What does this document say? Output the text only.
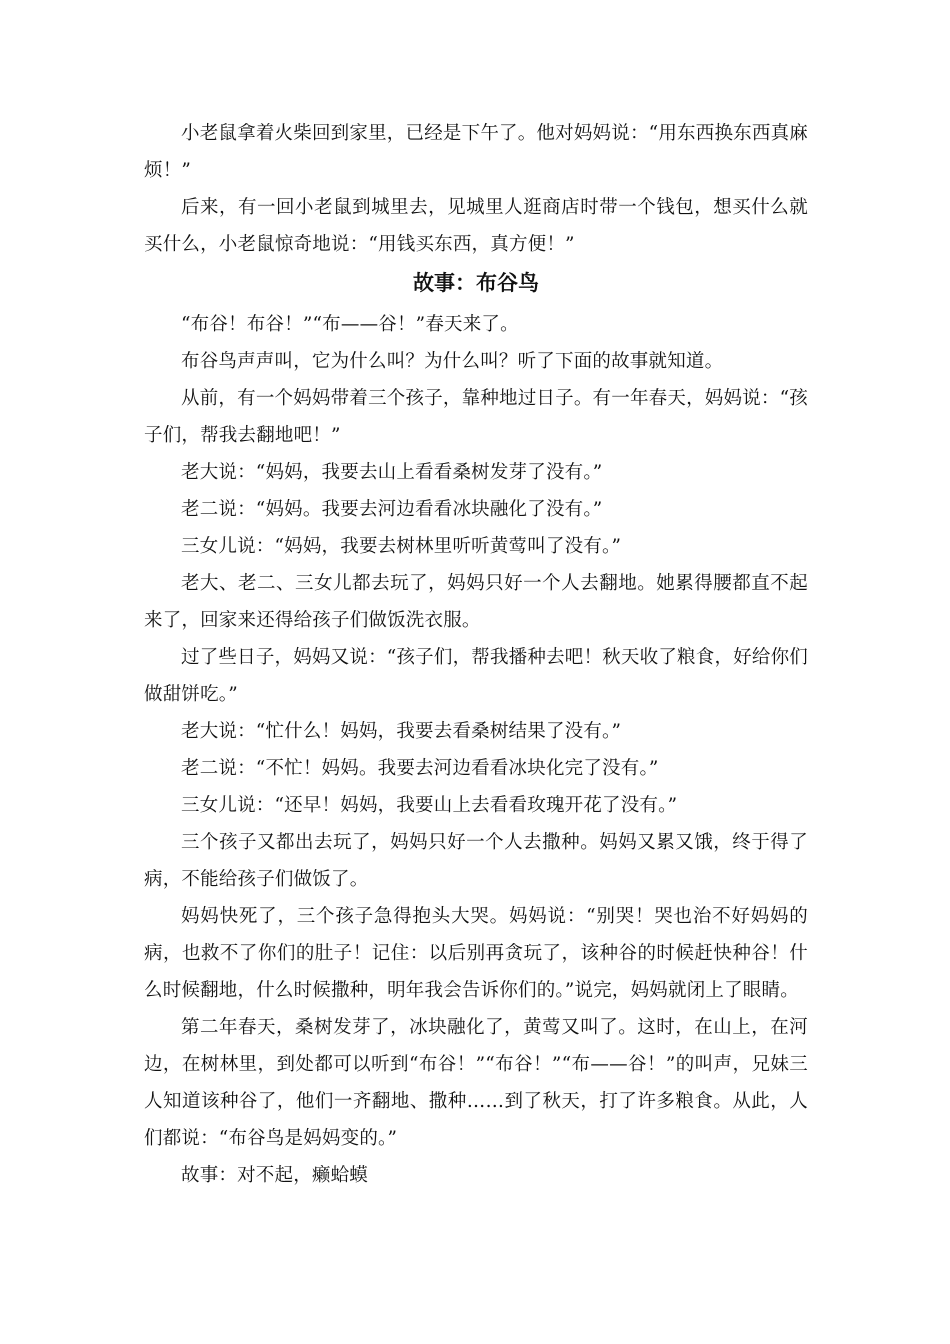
小老鼠拿着火柴回到家里，已经是下午了。他对妈妈说：“用东西换东西真麻烦！”

后来，有一回小老鼠到城里去，见城里人逛商店时带一个钱包，想买什么就买什么，小老鼠惊奇地说：“用钱买东西，真方便！”

故事：布谷鸟

“布谷！布谷！”“布——谷！”春天来了。

布谷鸟声声叫，它为什么叫？为什么叫？听了下面的故事就知道。

从前，有一个妈妈带着三个孩子，靠种地过日子。有一年春天，妈妈说：“孩子们，帮我去翻地吧！”

老大说：“妈妈，我要去山上看看桑树发芽了没有。”

老二说：“妈妈。我要去河边看看冰块融化了没有。”

三女儿说：“妈妈，我要去树林里听听黄莺叫了没有。”

老大、老二、三女儿都去玩了，妈妈只好一个人去翻地。她累得腰都直不起来了，回家来还得给孩子们做饭洗衣服。

过了些日子，妈妈又说：“孩子们，帮我播种去吧！秋天收了粮食，好给你们做甜饼吃。”

老大说：“忙什么！妈妈，我要去看桑树结果了没有。”

老二说：“不忙！妈妈。我要去河边看看冰块化完了没有。”

三女儿说：“还早！妈妈，我要山上去看看玫瑰开花了没有。”

三个孩子又都出去玩了，妈妈只好一个人去撒种。妈妈又累又饿，终于得了病，不能给孩子们做饭了。

妈妈快死了，三个孩子急得抱头大哭。妈妈说：“别哭！哭也治不好妈妈的病，也救不了你们的肚子！记住：以后别再贪玩了，该种谷的时候赶快种谷！什么时候翻地，什么时候撒种，明年我会告诉你们的。”说完，妈妈就闭上了眼睛。

第二年春天，桑树发芽了，冰块融化了，黄莺又叫了。这时，在山上，在河边，在树林里，到处都可以听到“布谷！”“布谷！”“布——谷！”的叫声，兄妹三人知道该种谷了，他们一齐翻地、撒种……到了秋天，打了许多粮食。从此，人们都说：“布谷鸟是妈妈变的。”

故事：对不起，癞蛤蟆
